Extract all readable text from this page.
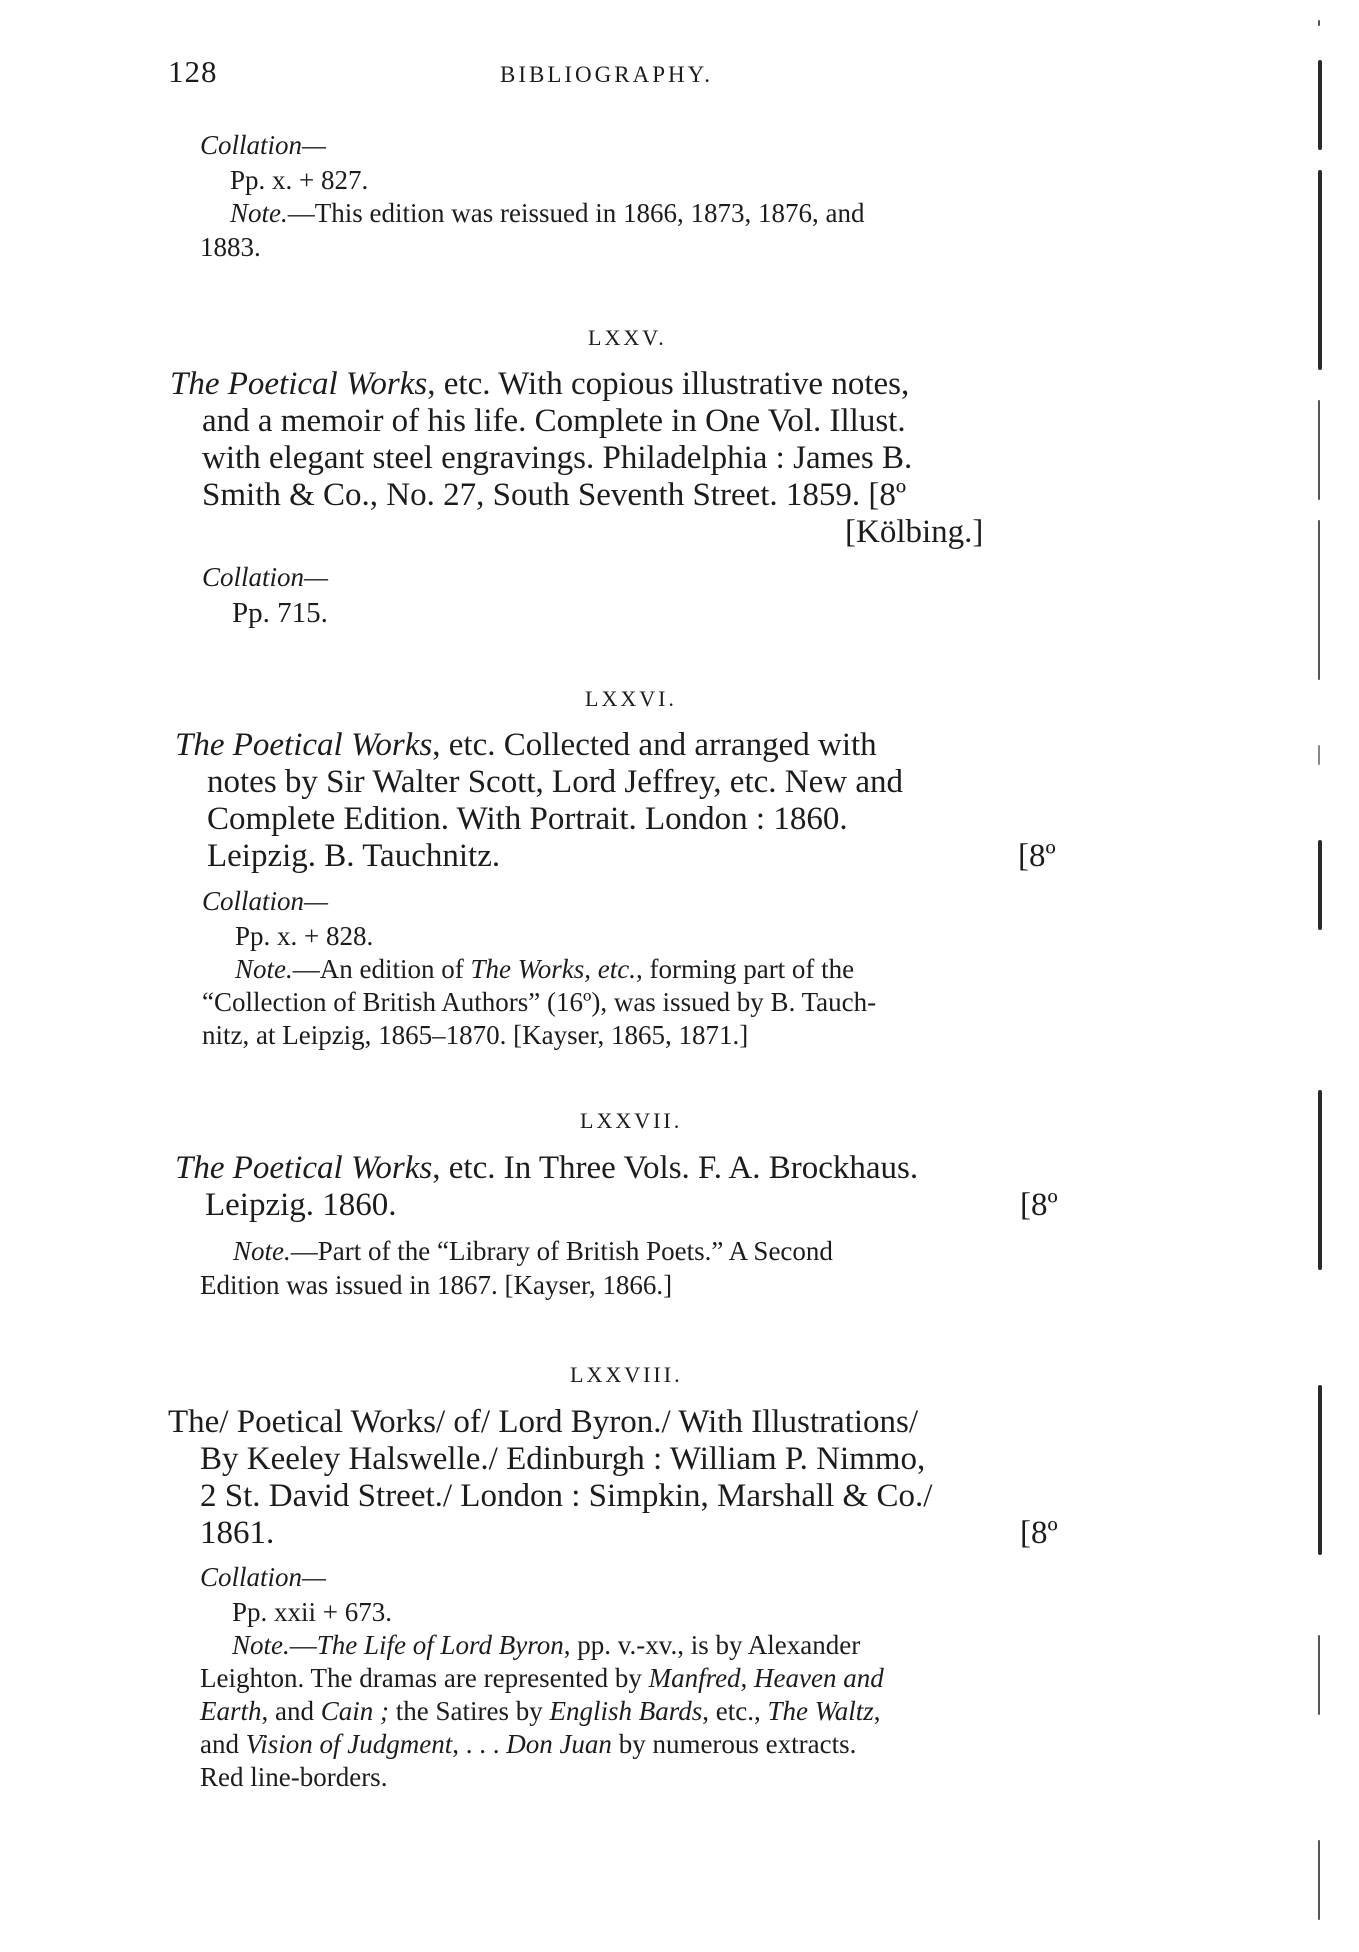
128	BIBLIOGRAPHY.
Collation—
Pp. x. + 827.
Note.—This edition was reissued in 1866, 1873, 1876, and
1883.
LXXV.
The Poetical Works, etc. With copious illustrative notes,
and a memoir of his life. Complete in One Vol. Illust.
with elegant steel engravings. Philadelphia : James B.
Smith & Co., No. 27, South Seventh Street. 1859. [8º
[Kölbing.]
Collation—
Pp. 715.
LXXVI.
The Poetical Works, etc. Collected and arranged with
notes by Sir Walter Scott, Lord Jeffrey, etc. New and
Complete Edition. With Portrait. London : 1860.
Leipzig. B. Tauchnitz.	[8º
Collation—
Pp. x. + 828.
Note.—An edition of The Works, etc., forming part of the
“Collection of British Authors” (16º), was issued by B. Tauch-
nitz, at Leipzig, 1865–1870. [Kayser, 1865, 1871.]
LXXVII.
The Poetical Works, etc. In Three Vols. F. A. Brockhaus.
Leipzig. 1860.	[8º
Note.—Part of the “Library of British Poets.” A Second
Edition was issued in 1867. [Kayser, 1866.]
LXXVIII.
The/ Poetical Works/ of/ Lord Byron./ With Illustrations/
By Keeley Halswelle./ Edinburgh : William P. Nimmo,
2 St. David Street./ London : Simpkin, Marshall & Co./
1861.	[8º
Collation—
Pp. xxii + 673.
Note.—The Life of Lord Byron, pp. v.-xv., is by Alexander
Leighton. The dramas are represented by Manfred, Heaven and
Earth, and Cain ; the Satires by English Bards, etc., The Waltz,
and Vision of Judgment, . . . Don Juan by numerous extracts.
Red line-borders.
